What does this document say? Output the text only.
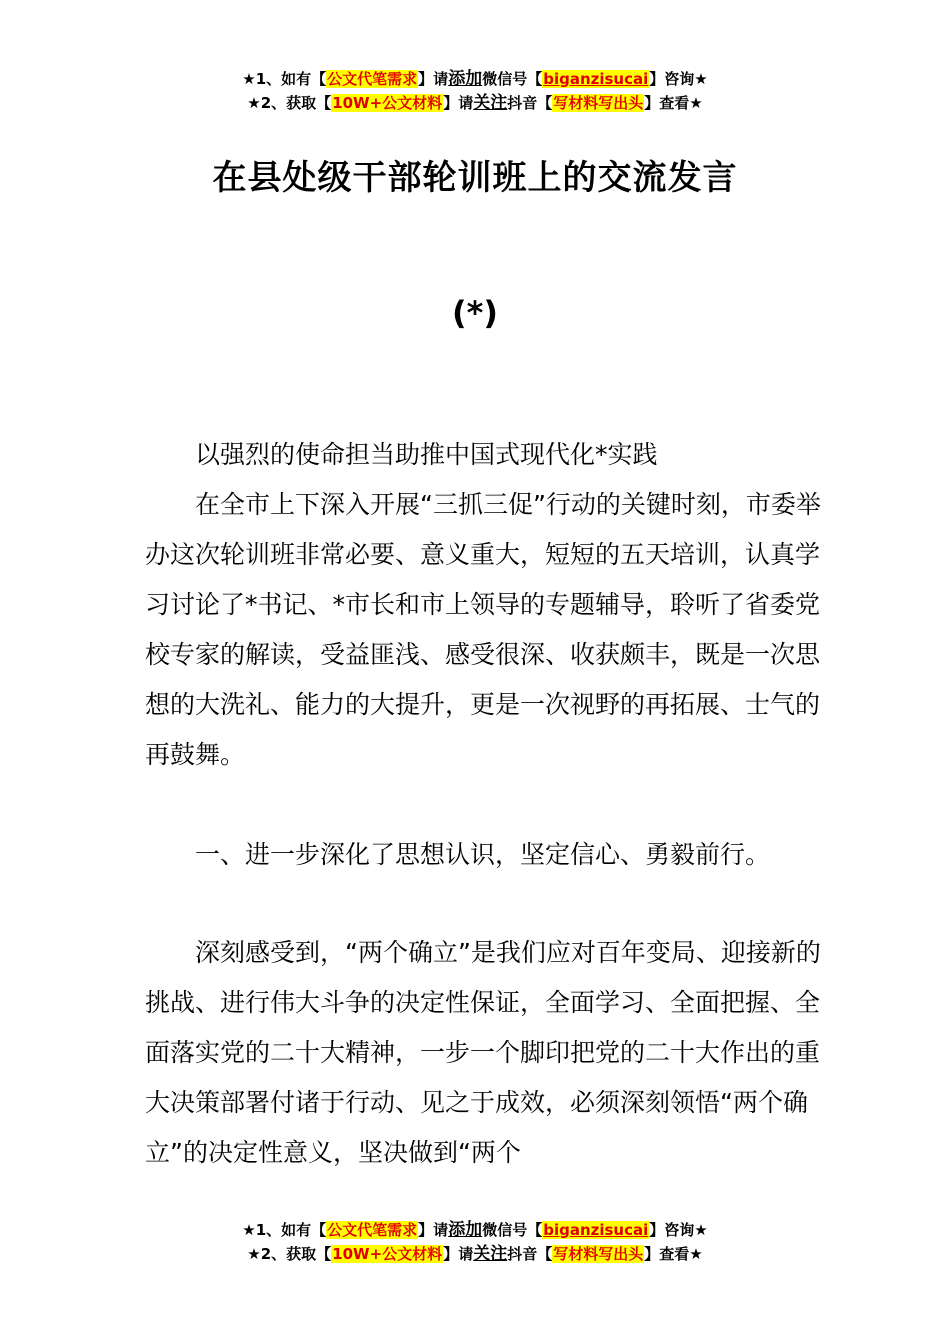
★1、如有【公文代笔需求】请添加微信号【biganzisucai】咨询★
★2、获取【10W+公文材料】请关注抖音【写材料写出头】查看★
在县处级干部轮训班上的交流发言
(*)

以强烈的使命担当助推中国式现代化*实践

在全市上下深入开展“三抓三促”行动的关键时刻，市委举办这次轮训班非常必要、意义重大，短短的五天培训，认真学习讨论了*书记、*市长和市上领导的专题辅导，聆听了省委党校专家的解读，受益匪浅、感受很深、收获颇丰，既是一次思想的大洗礼、能力的大提升，更是一次视野的再拓展、士气的再鼓舞。

一、进一步深化了思想认识，坚定信心、勇毅前行。

深刻感受到，“两个确立”是我们应对百年变局、迎接新的挑战、进行伟大斗争的决定性保证，全面学习、全面把握、全面落实党的二十大精神，一步一个脚印把党的二十大作出的重大决策部署付诸于行动、见之于成效，必须深刻领悟“两个确立”的决定性意义，坚决做到“两个

★1、如有【公文代笔需求】请添加微信号【biganzisucai】咨询★
★2、获取【10W+公文材料】请关注抖音【写材料写出头】查看★
